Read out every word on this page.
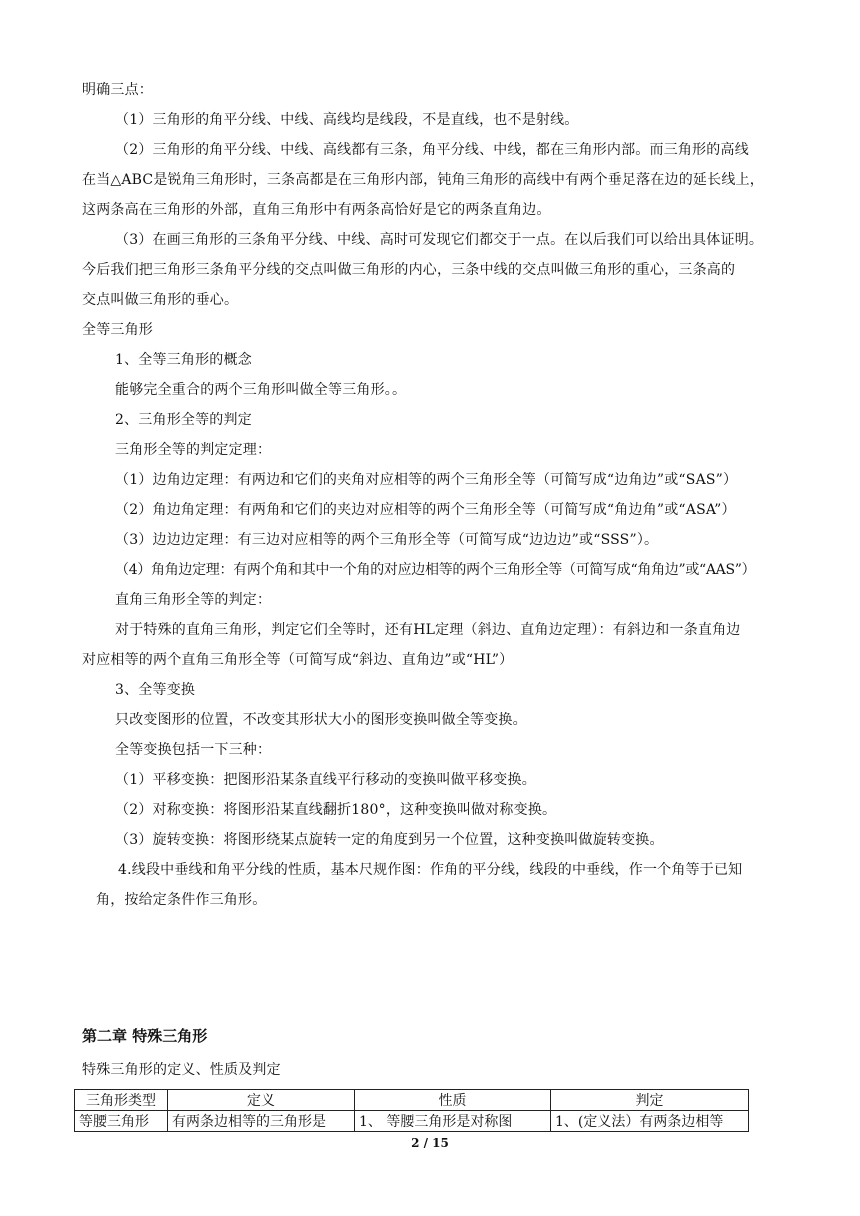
明确三点：
（1）三角形的角平分线、中线、高线均是线段，不是直线，也不是射线。
（2）三角形的角平分线、中线、高线都有三条，角平分线、中线，都在三角形内部。而三角形的高线
在当△ABC是锐角三角形时，三条高都是在三角形内部，钝角三角形的高线中有两个垂足落在边的延长线上，
这两条高在三角形的外部，直角三角形中有两条高恰好是它的两条直角边。
（3）在画三角形的三条角平分线、中线、高时可发现它们都交于一点。在以后我们可以给出具体证明。
今后我们把三角形三条角平分线的交点叫做三角形的内心，三条中线的交点叫做三角形的重心，三条高的
交点叫做三角形的垂心。
全等三角形
1、全等三角形的概念
能够完全重合的两个三角形叫做全等三角形。。
2、三角形全等的判定
三角形全等的判定定理：
（1）边角边定理：有两边和它们的夹角对应相等的两个三角形全等（可简写成“边角边”或“SAS”）
（2）角边角定理：有两角和它们的夹边对应相等的两个三角形全等（可简写成“角边角”或“ASA”）
（3）边边边定理：有三边对应相等的两个三角形全等（可简写成“边边边”或“SSS”）。
（4）角角边定理：有两个角和其中一个角的对应边相等的两个三角形全等（可简写成“角角边”或“AAS”）
直角三角形全等的判定：
对于特殊的直角三角形，判定它们全等时，还有HL定理（斜边、直角边定理）：有斜边和一条直角边
对应相等的两个直角三角形全等（可简写成“斜边、直角边”或“HL”）
3、全等变换
只改变图形的位置，不改变其形状大小的图形变换叫做全等变换。
全等变换包括一下三种：
（1）平移变换：把图形沿某条直线平行移动的变换叫做平移变换。
（2）对称变换：将图形沿某直线翻折180°，这种变换叫做对称变换。
（3）旋转变换：将图形绕某点旋转一定的角度到另一个位置，这种变换叫做旋转变换。
4.线段中垂线和角平分线的性质，基本尺规作图：作角的平分线，线段的中垂线，作一个角等于已知
角，按给定条件作三角形。
第二章 特殊三角形
特殊三角形的定义、性质及判定
三角形类型	定义	性质	判定
等腰三角形	有两条边相等的三角形是	1、 等腰三角形是对称图	1、(定义法）有两条边相等
2 / 15
